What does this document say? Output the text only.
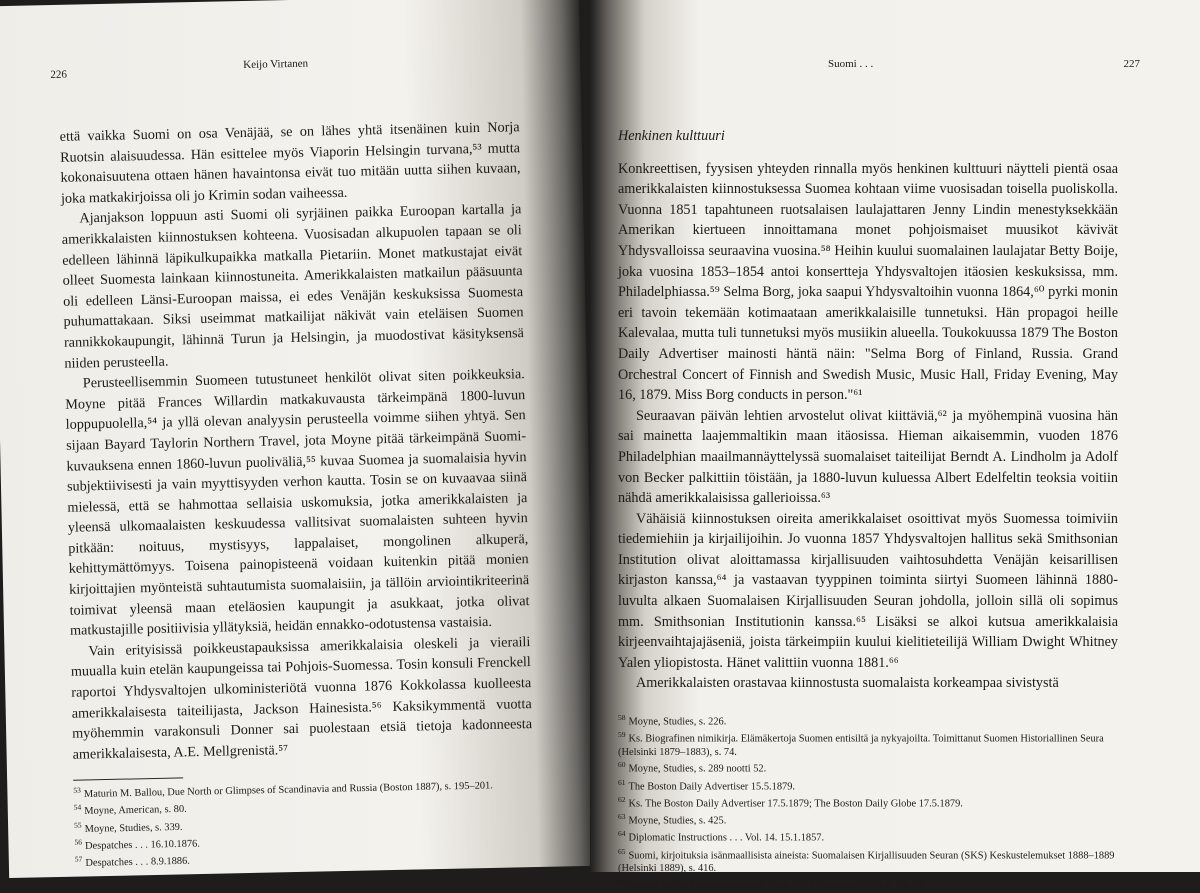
226
Keijo Virtanen

että vaikka Suomi on osa Venäjää, se on lähes yhtä itsenäinen kuin Norja Ruotsin alaisuudessa. Hän esittelee myös Viaporin Helsingin turvana,⁵³ mutta kokonaisuutena ottaen hänen havaintonsa eivät tuo mitään uutta siihen kuvaan, joka matkakirjoissa oli jo Krimin sodan vaiheessa.

Ajanjakson loppuun asti Suomi oli syrjäinen paikka Euroopan kartalla ja amerikkalaisten kiinnostuksen kohteena. Vuosisadan alkupuolen tapaan se oli edelleen lähinnä läpikulkupaikka matkalla Pietariin. Monet matkustajat eivät olleet Suomesta lainkaan kiinnostuneita. Amerikkalaisten matkailun pääsuunta oli edelleen Länsi-Euroopan maissa, ei edes Venäjän keskuksissa Suomesta puhumattakaan. Siksi useimmat matkailijat näkivät vain eteläisen Suomen rannikkokaupungit, lähinnä Turun ja Helsingin, ja muodostivat käsityksensä niiden perusteella.

Perusteellisemmin Suomeen tutustuneet henkilöt olivat siten poikkeuksia. Moyne pitää Frances Willardin matkakuvausta tärkeimpänä 1800-luvun loppupuolella,⁵⁴ ja yllä olevan analyysin perusteella voimme siihen yhtyä. Sen sijaan Bayard Taylorin Northern Travel, jota Moyne pitää tärkeimpänä Suomi-kuvauksena ennen 1860-luvun puoliväliä,⁵⁵ kuvaa Suomea ja suomalaisia hyvin subjektiivisesti ja vain myyttisyyden verhon kautta. Tosin se on kuvaavaa siinä mielessä, että se hahmottaa sellaisia uskomuksia, jotka amerikkalaisten ja yleensä ulkomaalaisten keskuudessa vallitsivat suomalaisten suhteen hyvin pitkään: noituus, mystisyys, lappalaiset, mongolinen alkuperä, kehittymättömyys. Toisena painopisteenä voidaan kuitenkin pitää monien kirjoittajien myönteistä suhtautumista suomalaisiin, ja tällöin arviointikriteerinä toimivat yleensä maan eteläosien kaupungit ja asukkaat, jotka olivat matkustajille positiivisia yllätyksiä, heidän ennakko-odotustensa vastaisia.

Vain erityisissä poikkeustapauksissa amerikkalaisia oleskeli ja vieraili muualla kuin etelän kaupungeissa tai Pohjois-Suomessa. Tosin konsuli Frenckell raportoi Yhdysvaltojen ulkoministeriötä vuonna 1876 Kokkolassa kuolleesta amerikkalaisesta taiteilijasta, Jackson Hainesista.⁵⁶ Kaksikymmentä vuotta myöhemmin varakonsuli Donner sai puolestaan etsiä tietoja kadonneesta amerikkalaisesta, A.E. Mellgrenistä.⁵⁷

$^{53}$ Maturin M. Ballou, Due North or Glimpses of Scandinavia and Russia (Boston 1887), s. 195–201.

$^{54}$ Moyne, American, s. 80.

$^{55}$ Moyne, Studies, s. 339.

$^{56}$ Despatches . . . 16.10.1876.

$^{57}$ Despatches . . . 8.9.1886.

Suomi . . .	227
Henkinen kulttuuri

Konkreettisen, fyysisen yhteyden rinnalla myös henkinen kulttuuri näytteli pientä osaa amerikkalaisten kiinnostuksessa Suomea kohtaan viime vuosisadan toisella puoliskolla. Vuonna 1851 tapahtuneen ruotsalaisen laulajattaren Jenny Lindin menestyksekkään Amerikan kiertueen innoittamana monet pohjoismaiset muusikot kävivät Yhdysvalloissa seuraavina vuosina.⁵⁸ Heihin kuului suomalainen laulajatar Betty Boije, joka vuosina 1853–1854 antoi konsertteja Yhdysvaltojen itäosien keskuksissa, mm. Philadelphiassa.⁵⁹ Selma Borg, joka saapui Yhdysvaltoihin vuonna 1864,⁶⁰ pyrki monin eri tavoin tekemään kotimaataan amerikkalaisille tunnetuksi. Hän propagoi heille Kalevalaa, mutta tuli tunnetuksi myös musiikin alueella. Toukokuussa 1879 The Boston Daily Advertiser mainosti häntä näin: "Selma Borg of Finland, Russia. Grand Orchestral Concert of Finnish and Swedish Music, Music Hall, Friday Evening, May 16, 1879. Miss Borg conducts in person."⁶¹

Seuraavan päivän lehtien arvostelut olivat kiittäviä,⁶² ja myöhempinä vuosina hän sai mainetta laajemmaltikin maan itäosissa. Hieman aikaisemmin, vuoden 1876 Philadelphian maailmannäyttelyssä suomalaiset taiteilijat Berndt A. Lindholm ja Adolf von Becker palkittiin töistään, ja 1880-luvun kuluessa Albert Edelfeltin teoksia voitiin nähdä amerikkalaisissa gallerioissa.⁶³

Vähäisiä kiinnostuksen oireita amerikkalaiset osoittivat myös Suomessa toimiviin tiedemiehiin ja kirjailijoihin. Jo vuonna 1857 Yhdysvaltojen hallitus sekä Smithsonian Institution olivat aloittamassa kirjallisuuden vaihtosuhdetta Venäjän keisarillisen kirjaston kanssa,⁶⁴ ja vastaavan tyyppinen toiminta siirtyi Suomeen lähinnä 1880-luvulta alkaen Suomalaisen Kirjallisuuden Seuran johdolla, jolloin sillä oli sopimus mm. Smithsonian Institutionin kanssa.⁶⁵ Lisäksi se alkoi kutsua amerikkalaisia kirjeenvaihtajajäseniä, joista tärkeimpiin kuului kielitieteilijä William Dwight Whitney Yalen yliopistosta. Hänet valittiin vuonna 1881.⁶⁶

Amerikkalaisten orastavaa kiinnostusta suomalaista korkeampaa sivistystä

$^{58}$ Moyne, Studies, s. 226.

$^{59}$ Ks. Biografinen nimikirja. Elämäkertoja Suomen entisiltä ja nykyajoilta. Toimittanut Suomen Historiallinen Seura (Helsinki 1879–1883), s. 74.

$^{60}$ Moyne, Studies, s. 289 nootti 52.

$^{61}$ The Boston Daily Advertiser 15.5.1879.

$^{62}$ Ks. The Boston Daily Advertiser 17.5.1879; The Boston Daily Globe 17.5.1879.

$^{63}$ Moyne, Studies, s. 425.

$^{64}$ Diplomatic Instructions . . . Vol. 14. 15.1.1857.

$^{65}$ Suomi, kirjoituksia isänmaallisista aineista: Suomalaisen Kirjallisuuden Seuran (SKS) Keskustelemukset 1888–1889 (Helsinki 1889), s. 416.

$^{66}$ Suomi: SKS:n keskustelemukset 1894–1895 (Helsinki 1895), s. 29–30.
